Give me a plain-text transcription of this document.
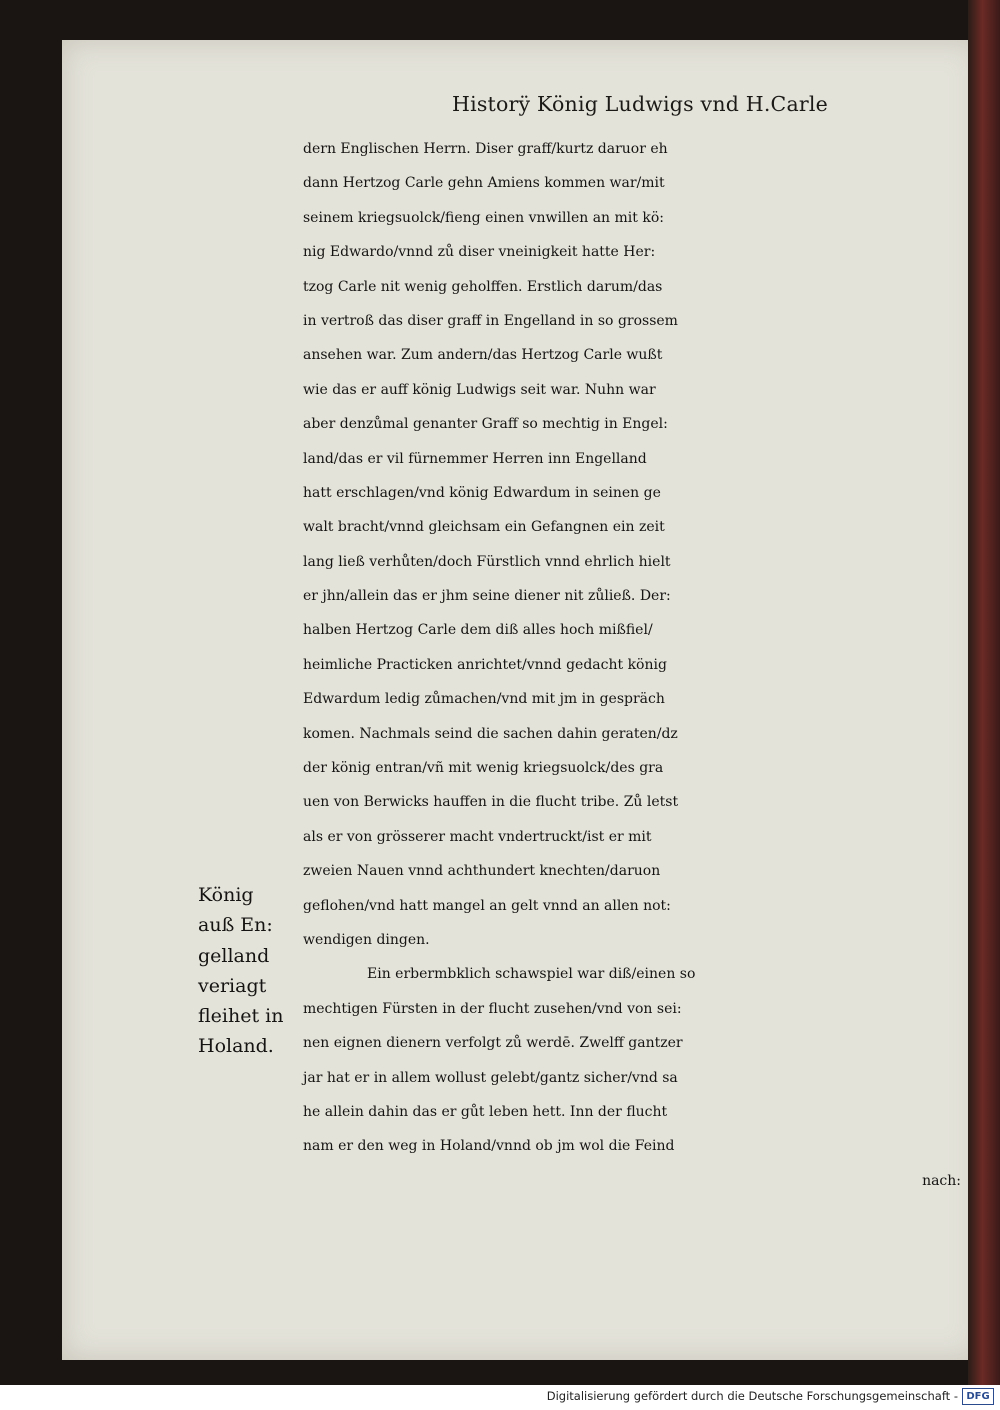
Historÿ König Ludwigs vnd H.Carle
dern Englischen Herrn. Diser graff/kurtz daruor eh
dann Hertzog Carle gehn Amiens kommen war/mit
seinem kriegsuolck/fieng einen vnwillen an mit kö:
nig Edwardo/vnnd zů diser vneinigkeit hatte Her:
tzog Carle nit wenig geholffen. Erstlich darum/das
in vertroß das diser graff in Engelland in so grossem
ansehen war. Zum andern/das Hertzog Carle wußt
wie das er auff könig Ludwigs seit war. Nuhn war
aber denzůmal genanter Graff so mechtig in Engel:
land/das er vil fürnemmer Herren inn Engelland
hatt erschlagen/vnd könig Edwardum in seinen ge
walt bracht/vnnd gleichsam ein Gefangnen ein zeit
lang ließ verhůten/doch Fürstlich vnnd ehrlich hielt
er jhn/allein das er jhm seine diener nit zůließ. Der:
halben Hertzog Carle dem diß alles hoch mißfiel/
heimliche Practicken anrichtet/vnnd gedacht könig
Edwardum ledig zůmachen/vnd mit jm in gespräch
komen. Nachmals seind die sachen dahin geraten/dz
der könig entran/vñ mit wenig kriegsuolck/des gra
uen von Berwicks hauffen in die flucht tribe. Zů letst
als er von grösserer macht vndertruckt/ist er mit
zweien Nauen vnnd achthundert knechten/daruon
geflohen/vnd hatt mangel an gelt vnnd an allen not:
wendigen dingen.
Ein erbermbklich schawspiel war diß/einen so
mechtigen Fürsten in der flucht zusehen/vnd von sei:
nen eignen dienern verfolgt zů werdē. Zwelff gantzer
jar hat er in allem wollust gelebt/gantz sicher/vnd sa
he allein dahin das er gůt leben hett. Inn der flucht
nam er den weg in Holand/vnnd ob jm wol die Feind
nach:
König
auß En:
gelland
veriagt
fleihet in
Holand.
Digitalisierung gefördert durch die Deutsche Forschungsgemeinschaft - DFG
